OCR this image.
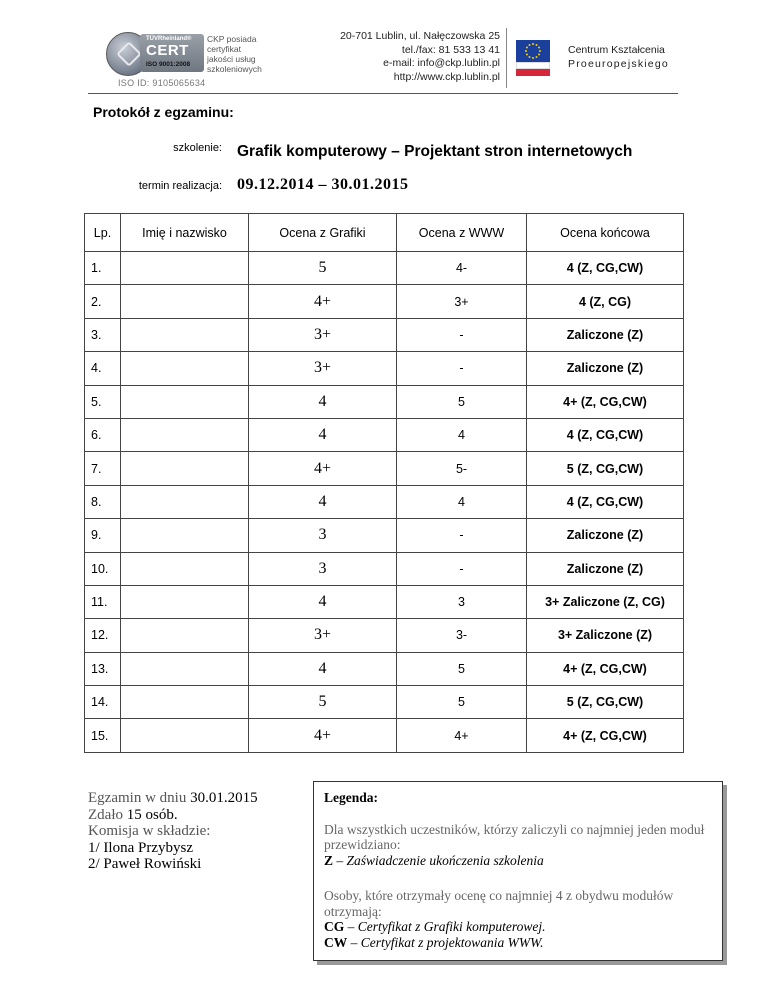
TÜVRheinland®
CERT
ISO 9001:2008
CKP posiada
certyfikat
jakości usług
szkoleniowych
ISO ID: 9105065634
20-701 Lublin, ul. Nałęczowska 25
tel./fax: 81 533 13 41
e-mail: info@ckp.lublin.pl
http://www.ckp.lublin.pl
Centrum Kształcenia
Proeuropejskiego
Protokół z egzaminu:
szkolenie: Grafik komputerowy – Projektant stron internetowych
termin realizacja: 09.12.2014 – 30.01.2015
Lp.	Imię i nazwisko	Ocena z Grafiki	Ocena z WWW	Ocena końcowa
1.		5	4-	4 (Z, CG,CW)
2.		4+	3+	4 (Z, CG)
3.		3+	-	Zaliczone (Z)
4.		3+	-	Zaliczone (Z)
5.		4	5	4+ (Z, CG,CW)
6.		4	4	4 (Z, CG,CW)
7.		4+	5-	5 (Z, CG,CW)
8.		4	4	4 (Z, CG,CW)
9.		3	-	Zaliczone (Z)
10.		3	-	Zaliczone (Z)
11.		4	3	3+ Zaliczone (Z, CG)
12.		3+	3-	3+ Zaliczone (Z)
13.		4	5	4+ (Z, CG,CW)
14.		5	5	5 (Z, CG,CW)
15.		4+	4+	4+ (Z, CG,CW)
Egzamin w dniu 30.01.2015
Zdało 15 osób.
Komisja w składzie:
1/ Ilona Przybysz
2/ Paweł Rowiński
Legenda:
Dla wszystkich uczestników, którzy zaliczyli co najmniej jeden moduł przewidziano:
Z – Zaświadczenie ukończenia szkolenia
Osoby, które otrzymały ocenę co najmniej 4 z obydwu modułów otrzymają:
CG – Certyfikat z Grafiki komputerowej.
CW – Certyfikat z projektowania WWW.
